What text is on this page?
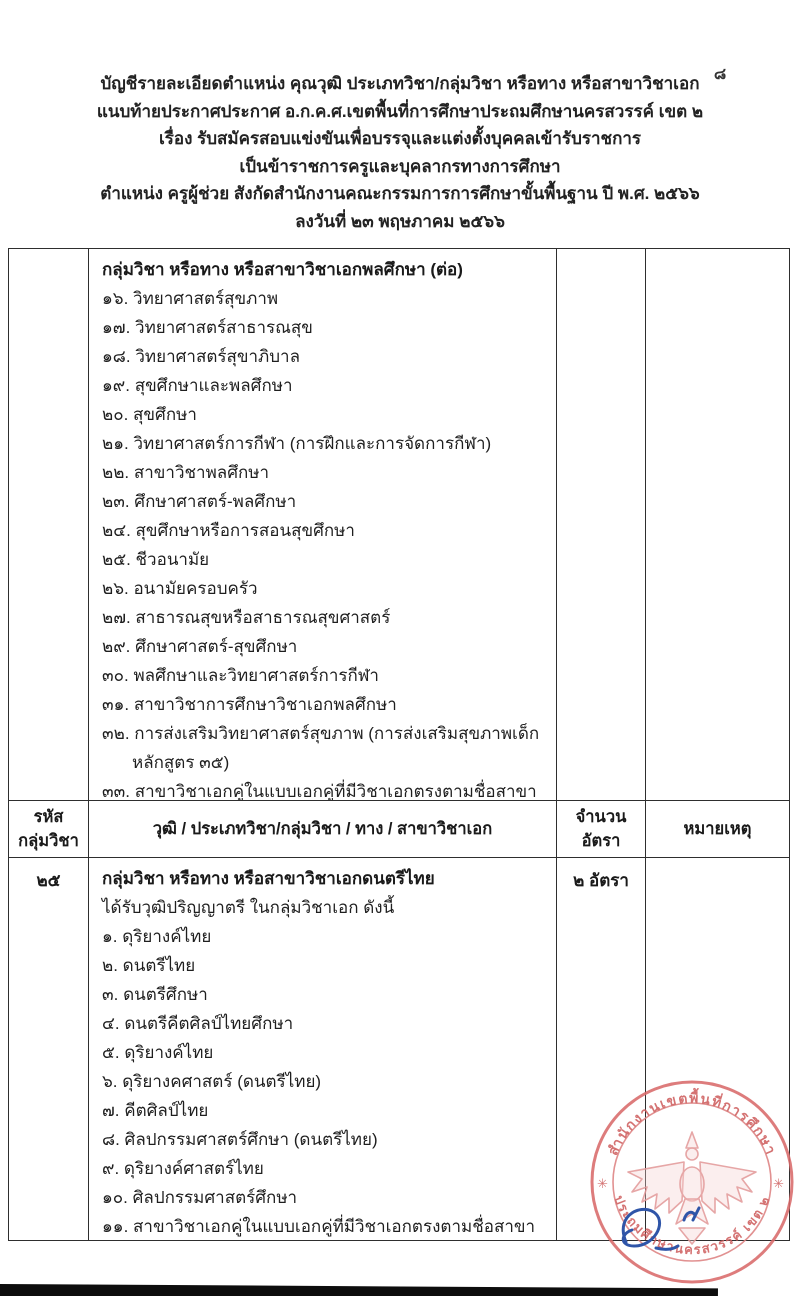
๘
บัญชีรายละเอียดตำแหน่ง คุณวุฒิ ประเภทวิชา/กลุ่มวิชา หรือทาง หรือสาขาวิชาเอก
แนบท้ายประกาศประกาศ อ.ก.ค.ศ.เขตพื้นที่การศึกษาประถมศึกษานครสวรรค์ เขต ๒
เรื่อง รับสมัครสอบแข่งขันเพื่อบรรจุและแต่งตั้งบุคคลเข้ารับราชการ
เป็นข้าราชการครูและบุคลากรทางการศึกษา
ตำแหน่ง ครูผู้ช่วย สังกัดสำนักงานคณะกรรมการการศึกษาขั้นพื้นฐาน ปี พ.ศ. ๒๕๖๖
ลงวันที่ ๒๓ พฤษภาคม ๒๕๖๖
กลุ่มวิชา หรือทาง หรือสาขาวิชาเอกพลศึกษา (ต่อ)
๑๖. วิทยาศาสตร์สุขภาพ
๑๗. วิทยาศาสตร์สาธารณสุข
๑๘. วิทยาศาสตร์สุขาภิบาล
๑๙. สุขศึกษาและพลศึกษา
๒๐. สุขศึกษา
๒๑. วิทยาศาสตร์การกีฬา (การฝึกและการจัดการกีฬา)
๒๒. สาขาวิชาพลศึกษา
๒๓. ศึกษาศาสตร์-พลศึกษา
๒๔. สุขศึกษาหรือการสอนสุขศึกษา
๒๕. ชีวอนามัย
๒๖. อนามัยครอบครัว
๒๗. สาธารณสุขหรือสาธารณสุขศาสตร์
๒๙. ศึกษาศาสตร์-สุขศึกษา
๓๐. พลศึกษาและวิทยาศาสตร์การกีฬา
๓๑. สาขาวิชาการศึกษาวิชาเอกพลศึกษา
๓๒. การส่งเสริมวิทยาศาสตร์สุขภาพ (การส่งเสริมสุขภาพเด็ก หลักสูตร ๓๕)
๓๓. สาขาวิชาเอกคู่ในแบบเอกคู่ที่มีวิชาเอกตรงตามชื่อสาขา
รหัส
กลุ่มวิชา
วุฒิ / ประเภทวิชา/กลุ่มวิชา / ทาง / สาขาวิชาเอก
จำนวน
อัตรา
หมายเหตุ
๒๕	กลุ่มวิชา หรือทาง หรือสาขาวิชาเอกดนตรีไทย
ได้รับวุฒิปริญญาตรี ในกลุ่มวิชาเอก ดังนี้
๑. ดุริยางค์ไทย
๒. ดนตรีไทย
๓. ดนตรีศึกษา
๔. ดนตรีคีตศิลป์ไทยศึกษา
๕. ดุริยางค์ไทย
๖. ดุริยางคศาสตร์ (ดนตรีไทย)
๗. คีตศิลป์ไทย
๘. ศิลปกรรมศาสตร์ศึกษา (ดนตรีไทย)
๙. ดุริยางค์ศาสตร์ไทย
๑๐. ศิลปกรรมศาสตร์ศึกษา
๑๑. สาขาวิชาเอกคู่ในแบบเอกคู่ที่มีวิชาเอกตรงตามชื่อสาขา
๒ อัตรา
สำนักงานเขตพื้นที่การศึกษา
ประถมศึกษานครสวรรค์ เขต ๒
✳	✳
